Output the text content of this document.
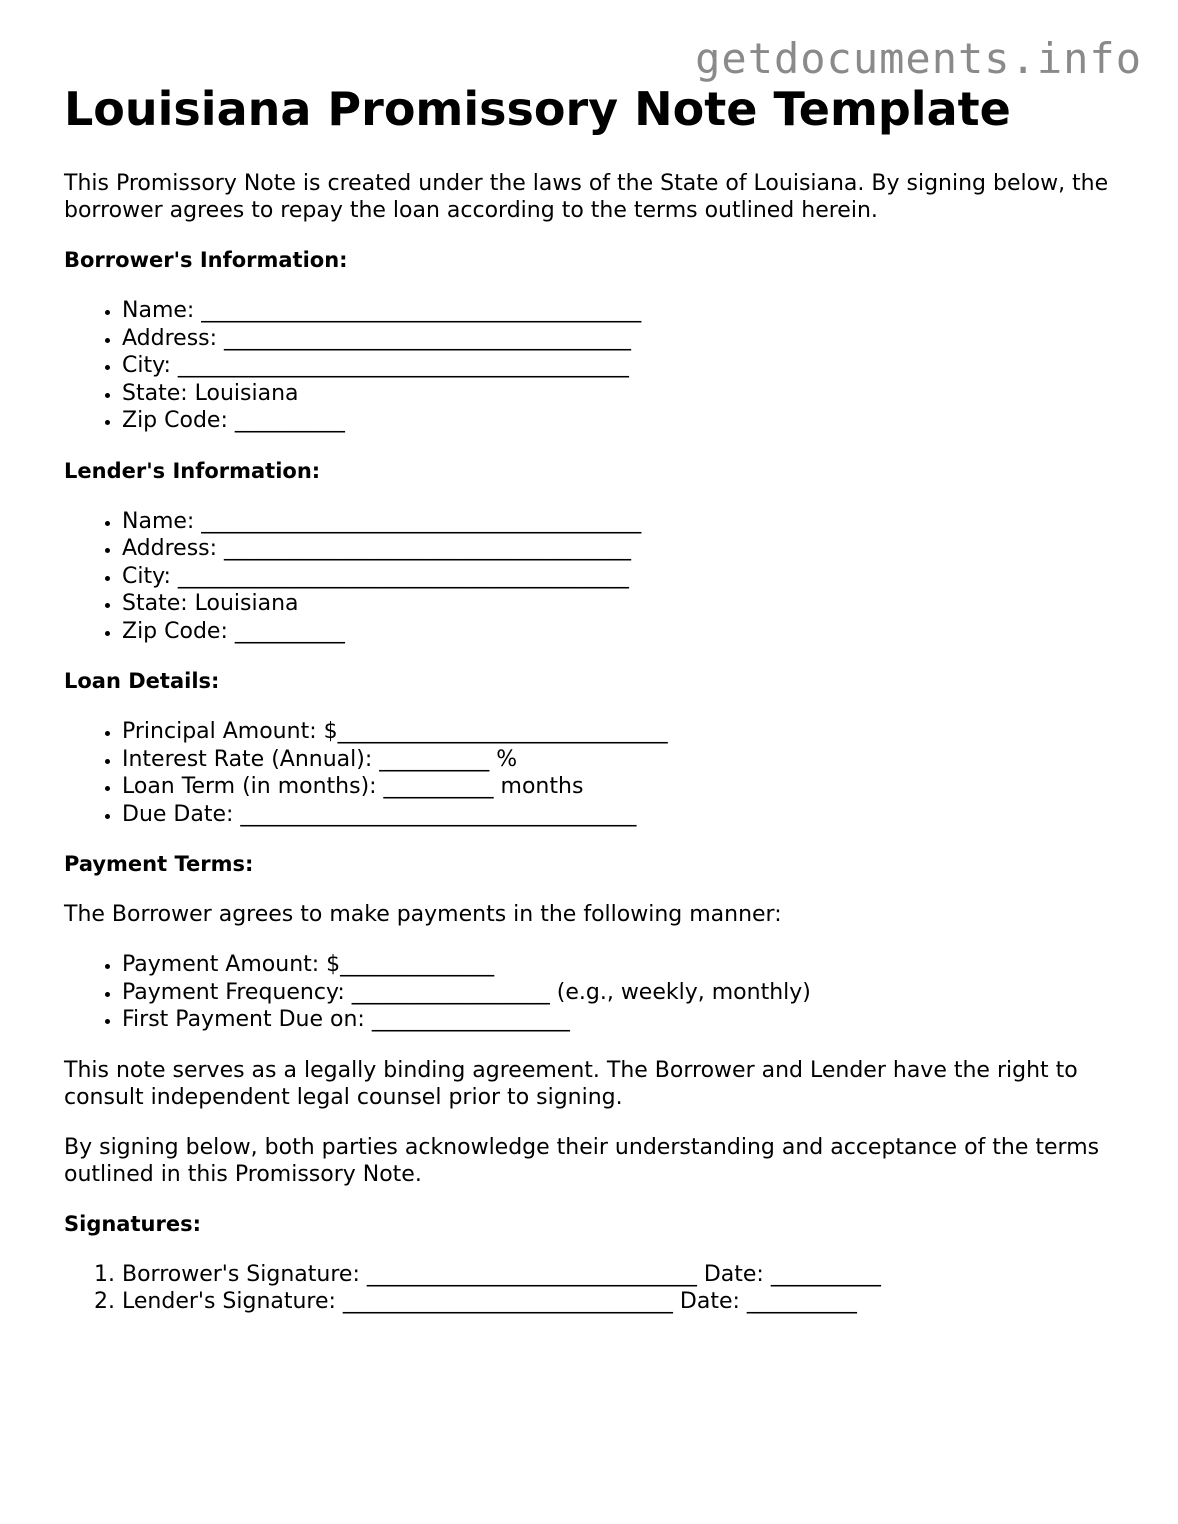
getdocuments.info
Louisiana Promissory Note Template

This Promissory Note is created under the laws of the State of Louisiana. By signing below, the borrower agrees to repay the loan according to the terms outlined herein.

Borrower's Information:
• Name: ________________________________________
• Address: _____________________________________
• City: _________________________________________
• State: Louisiana
• Zip Code: __________
Lender's Information:
• Name: ________________________________________
• Address: _____________________________________
• City: _________________________________________
• State: Louisiana
• Zip Code: __________
Loan Details:
• Principal Amount: $______________________________
• Interest Rate (Annual): __________ %
• Loan Term (in months): __________ months
• Due Date: ____________________________________
Payment Terms:

The Borrower agrees to make payments in the following manner:

• Payment Amount: $______________
• Payment Frequency: __________________ (e.g., weekly, monthly)
• First Payment Due on: __________________

This note serves as a legally binding agreement. The Borrower and Lender have the right to consult independent legal counsel prior to signing.

By signing below, both parties acknowledge their understanding and acceptance of the terms outlined in this Promissory Note.

Signatures:
1. Borrower's Signature: ______________________________ Date: __________
2. Lender's Signature: ______________________________ Date: __________
